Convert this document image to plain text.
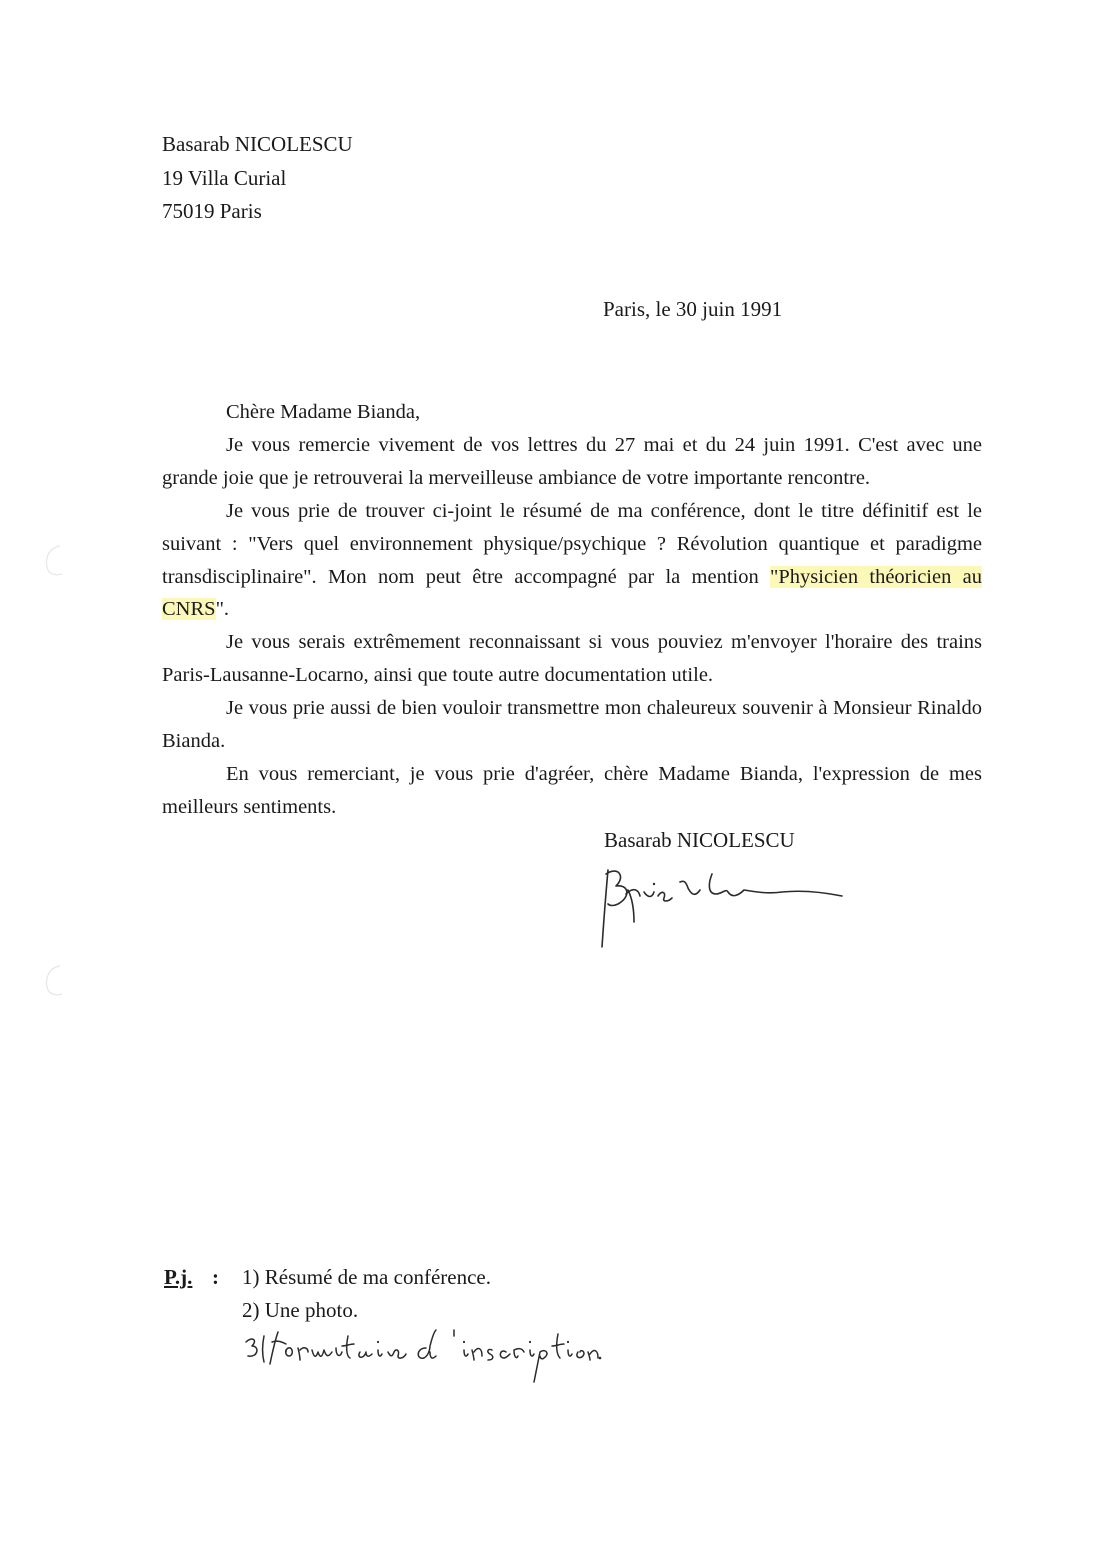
Basarab NICOLESCU
19 Villa Curial
75019 Paris
Paris, le 30 juin 1991

Chère Madame Bianda,

Je vous remercie vivement de vos lettres du 27 mai et du 24 juin 1991. C'est avec une grande joie que je retrouverai la merveilleuse ambiance de votre importante rencontre.

Je vous prie de trouver ci-joint le résumé de ma conférence, dont le titre définitif est le suivant : "Vers quel environnement physique/psychique ? Révolution quantique et paradigme transdisciplinaire". Mon nom peut être accompagné par la mention "Physicien théoricien au CNRS".

Je vous serais extrêmement reconnaissant si vous pouviez m'envoyer l'horaire des trains Paris-Lausanne-Locarno, ainsi que toute autre documentation utile.

Je vous prie aussi de bien vouloir transmettre mon chaleureux souvenir à Monsieur Rinaldo Bianda.

En vous remerciant, je vous prie d'agréer, chère Madame Bianda, l'expression de mes meilleurs sentiments.

Basarab NICOLESCU
P.j. : 1) Résumé de ma conférence.
2) Une photo.
